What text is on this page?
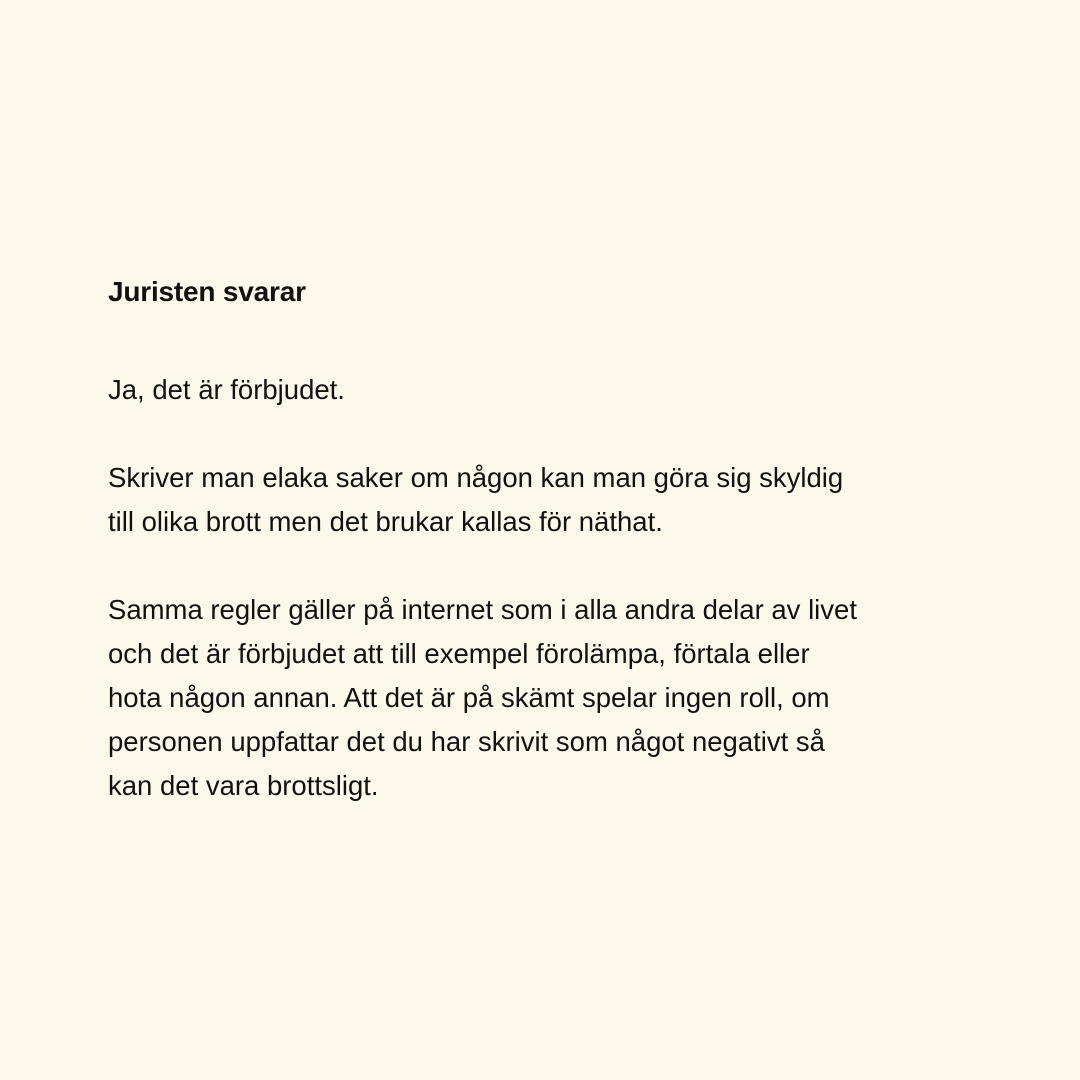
Juristen svarar

Ja, det är förbjudet.

Skriver man elaka saker om någon kan man göra sig skyldig
till olika brott men det brukar kallas för näthat.

Samma regler gäller på internet som i alla andra delar av livet
och det är förbjudet att till exempel förolämpa, förtala eller
hota någon annan. Att det är på skämt spelar ingen roll, om
personen uppfattar det du har skrivit som något negativt så
kan det vara brottsligt.
